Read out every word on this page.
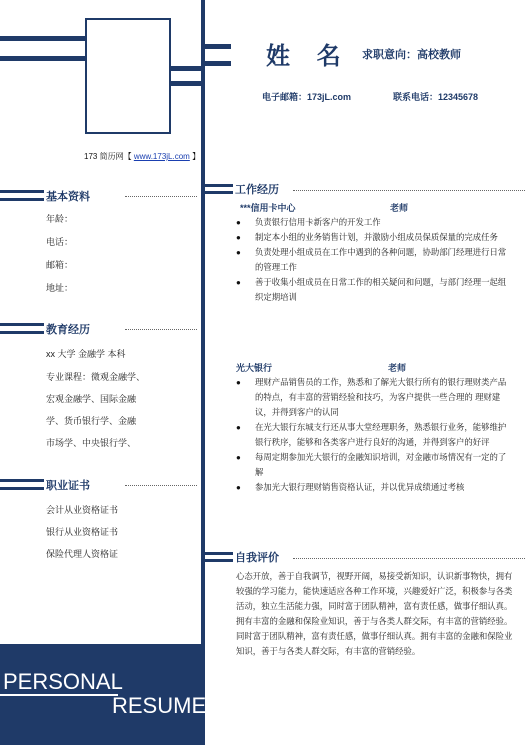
173 简历网【 www.173jL.com 】
姓 名 求职意向：高校教师
电子邮箱：173jL.com	联系电话：12345678
基本资料
年龄：
电话：
邮箱：
地址：
教育经历
xx 大学 金融学 本科
专业课程：微观金融学、
宏观金融学、国际金融
学、货币银行学、金融
市场学、中央银行学、
职业证书
会计从业资格证书
银行从业资格证书
保险代理人资格证
工作经历
***信用卡中心	老师
● 负责银行信用卡新客户的开发工作
● 制定本小组的业务销售计划，并激励小组成员保质保量的完成任务
● 负责处理小组成员在工作中遇到的各种问题，协助部门经理进行日常的管理工作
● 善于收集小组成员在日常工作的相关疑问和问题，与部门经理一起组织定期培训
光大银行	老师
● 理财产品销售员的工作，熟悉和了解光大银行所有的银行理财类产品的特点，有丰富的营销经验和技巧，为客户提供一些合理的 理财建议，并得到客户的认同
● 在光大银行东城支行还从事大堂经理职务，熟悉银行业务，能够维护银行秩序，能够和各类客户进行良好的沟通，并得到客户的好评
● 每周定期参加光大银行的金融知识培训，对金融市场情况有一定的了解
● 参加光大银行理财销售资格认证，并以优异成绩通过考核
自我评价
心态开放，善于自我调节，视野开阔，易接受新知识，认识新事物快，拥有较强的学习能力，能快速适应各种工作环境，兴趣爱好广泛，积极参与各类活动，独立生活能力强，同时富于团队精神，富有责任感，做事仔细认真。拥有丰富的金融和保险业知识，善于与各类人群交际，有丰富的营销经验。同时富于团队精神，富有责任感，做事仔细认真。拥有丰富的金融和保险业知识，善于与各类人群交际，有丰富的营销经验。
PERSONAL
RESUME
